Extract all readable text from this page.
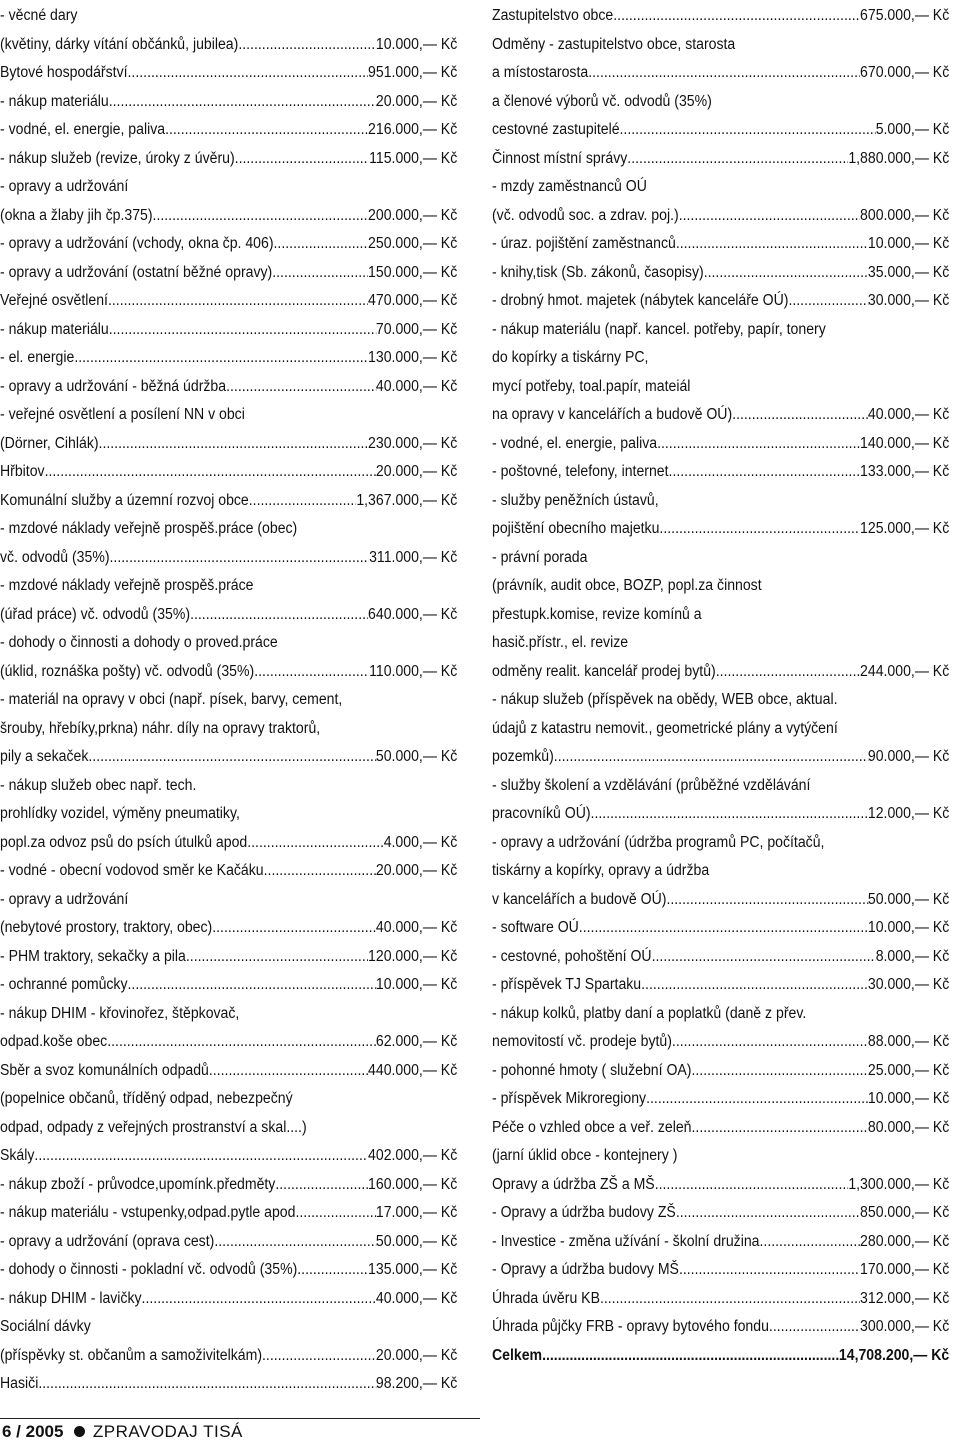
- věcné dary
(květiny, dárky vítání občánků, jubilea) .....	10.000,— Kč
Bytové hospodářství .....	951.000,— Kč
- nákup materiálu .....	20.000,— Kč
- vodné, el. energie, paliva .....	216.000,— Kč
- nákup služeb (revize, úroky z úvěru) .....	115.000,— Kč
- opravy a udržování
(okna a žlaby jih čp.375) .....	200.000,— Kč
- opravy a udržování (vchody, okna čp. 406) .....	250.000,— Kč
- opravy a udržování (ostatní běžné opravy) .....	150.000,— Kč
Veřejné osvětlení .....	470.000,— Kč
- nákup materiálu .....	70.000,— Kč
- el. energie .....	130.000,— Kč
- opravy a udržování - běžná údržba .....	40.000,— Kč
- veřejné osvětlení a posílení NN v obci
(Dörner, Cihlák) .....	230.000,— Kč
Hřbitov .....	20.000,— Kč
Komunální služby a územní rozvoj obce .....	1,367.000,— Kč
- mzdové náklady veřejně prospěš.práce (obec)
vč. odvodů (35%) .....	311.000,— Kč
- mzdové náklady veřejně prospěš.práce
(úřad práce) vč. odvodů (35%) .....	640.000,— Kč
- dohody o činnosti a dohody o proved.práce
(úklid, roznáška pošty) vč. odvodů (35%) .....	110.000,— Kč
- materiál na opravy v obci (např. písek, barvy, cement,
šrouby, hřebíky,prkna) náhr. díly na opravy traktorů,
pily a sekaček .....	50.000,— Kč
- nákup služeb obec např. tech.
prohlídky vozidel, výměny pneumatiky,
popl.za odvoz psů do psích útulků apod. .....	4.000,— Kč
- vodné - obecní vodovod směr ke Kačáku .....	20.000,— Kč
- opravy a udržování
(nebytové prostory, traktory, obec) .....	40.000,— Kč
- PHM traktory, sekačky a pila .....	120.000,— Kč
- ochranné pomůcky .....	10.000,— Kč
- nákup DHIM - křovinořez, štěpkovač,
odpad.koše obec .....	62.000,— Kč
Sběr a svoz komunálních odpadů .....	440.000,— Kč
(popelnice občanů, tříděný odpad, nebezpečný
odpad, odpady z veřejných prostranství a skal....)
Skály .....	402.000,— Kč
- nákup zboží - průvodce,upomínk.předměty .....	160.000,— Kč
- nákup materiálu - vstupenky,odpad.pytle apod. .....	17.000,— Kč
- opravy a udržování (oprava cest) .....	50.000,— Kč
- dohody o činnosti - pokladní vč. odvodů (35%) .....	135.000,— Kč
- nákup DHIM - lavičky .....	40.000,— Kč
Sociální dávky
(příspěvky st. občanům a samoživitelkám) .....	20.000,— Kč
Hasiči .....	98.200,— Kč
Zastupitelstvo obce .....	675.000,— Kč
Odměny - zastupitelstvo obce, starosta
a místostarosta .....	670.000,— Kč
a členové výborů vč. odvodů (35%)
cestovné zastupitelé .....	5.000,— Kč
Činnost místní správy .....	1,880.000,— Kč
- mzdy zaměstnanců OÚ
(vč. odvodů soc. a zdrav. poj.) .....	800.000,— Kč
- úraz. pojištění zaměstnanců .....	10.000,— Kč
- knihy,tisk (Sb. zákonů, časopisy) .....	35.000,— Kč
- drobný hmot. majetek (nábytek kanceláře OÚ) .....	30.000,— Kč
- nákup materiálu (např. kancel. potřeby, papír, tonery
do kopírky a tiskárny PC,
mycí potřeby, toal.papír, mateiál
na opravy v kancelářích a budově OÚ) .....	40.000,— Kč
- vodné, el. energie, paliva .....	140.000,— Kč
- poštovné, telefony, internet .....	133.000,— Kč
- služby peněžních ústavů,
pojištění obecního majetku .....	125.000,— Kč
- právní porada
(právník, audit obce, BOZP, popl.za činnost
přestupk.komise, revize komínů a
hasič.přístr., el. revize
odměny realit. kancelář prodej bytů) .....	244.000,— Kč
- nákup služeb (příspěvek na obědy, WEB obce, aktual.
údajů z katastru nemovit., geometrické plány a vytýčení
pozemků) .....	90.000,— Kč
- služby školení a vzdělávání (průběžné vzdělávání
pracovníků OÚ) .....	12.000,— Kč
- opravy a udržování (údržba programů PC, počítačů,
tiskárny a kopírky, opravy a údržba
v kancelářích a budově OÚ) .....	50.000,— Kč
- software OÚ .....	10.000,— Kč
- cestovné, pohoštění OÚ .....	8.000,— Kč
- příspěvek TJ Spartaku .....	30.000,— Kč
- nákup kolků, platby daní a poplatků (daně z přev.
nemovitostí vč. prodeje bytů) .....	88.000,— Kč
- pohonné hmoty ( služební OA) .....	25.000,— Kč
- příspěvek Mikroregiony .....	10.000,— Kč
Péče o vzhled obce a veř. zeleň .....	80.000,— Kč
(jarní úklid obce - kontejnery )
Opravy a údržba ZŠ a MŠ .....	1,300.000,— Kč
- Opravy a údržba budovy ZŠ .....	850.000,— Kč
- Investice - změna užívání - školní družina .....	280.000,— Kč
- Opravy a údržba budovy MŠ .....	170.000,— Kč
Úhrada úvěru KB .....	312.000,— Kč
Úhrada půjčky FRB - opravy bytového fondu .....	300.000,— Kč
Celkem .....	14,708.200,— Kč
6 / 2005 ZPRAVODAJ TISÁ
